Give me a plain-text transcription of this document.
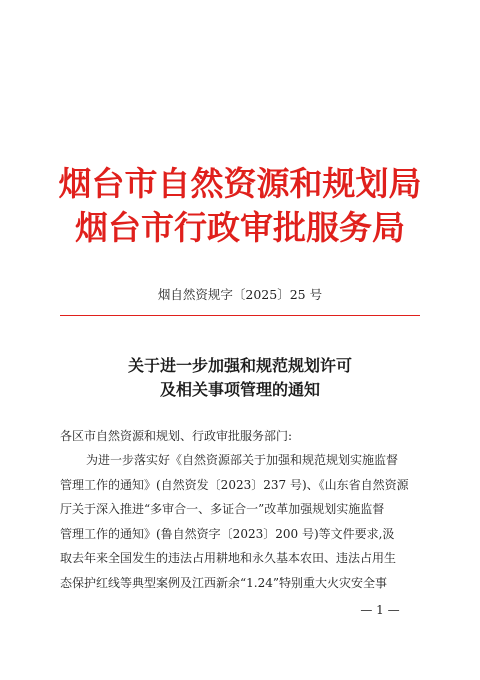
烟台市自然资源和规划局
烟台市行政审批服务局
烟自然资规字〔2025〕25 号
关于进一步加强和规范规划许可
及相关事项管理的通知
各区市自然资源和规划、行政审批服务部门:
为进一步落实好《自然资源部关于加强和规范规划实施监督
管理工作的通知》(自然资发〔2023〕237 号)、《山东省自然资源
厅关于深入推进“多审合一、多证合一”改革加强规划实施监督
管理工作的通知》(鲁自然资字〔2023〕200 号)等文件要求,汲
取去年来全国发生的违法占用耕地和永久基本农田、违法占用生
态保护红线等典型案例及江西新余“1.24”特别重大火灾安全事
— 1 —
